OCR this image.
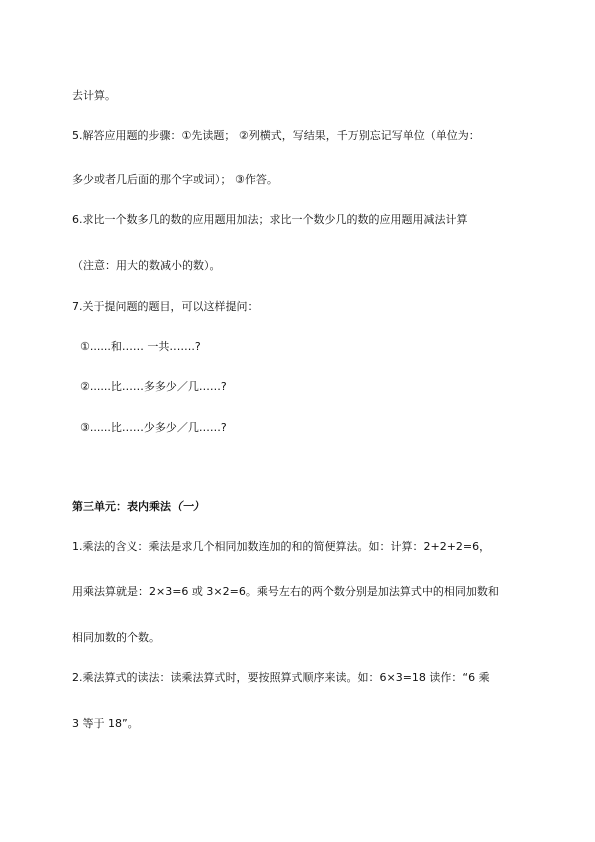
去计算。
5.解答应用题的步骤：①先读题； ②列横式，写结果，千万别忘记写单位（单位为：
多少或者几后面的那个字或词）； ③作答。
6.求比一个数多几的数的应用题用加法；求比一个数少几的数的应用题用减法计算
（注意：用大的数减小的数）。
7.关于提问题的题目，可以这样提问：
①......和…… 一共…….?
②......比……多多少／几……?
③......比……少多少／几……?
第三单元：表内乘法（一）
1.乘法的含义：乘法是求几个相同加数连加的和的简便算法。如：计算：2+2+2=6，
用乘法算就是：2×3=6 或 3×2=6。乘号左右的两个数分别是加法算式中的相同加数和
相同加数的个数。
2.乘法算式的读法：读乘法算式时，要按照算式顺序来读。如：6×3=18 读作：“6 乘
3 等于 18”。
